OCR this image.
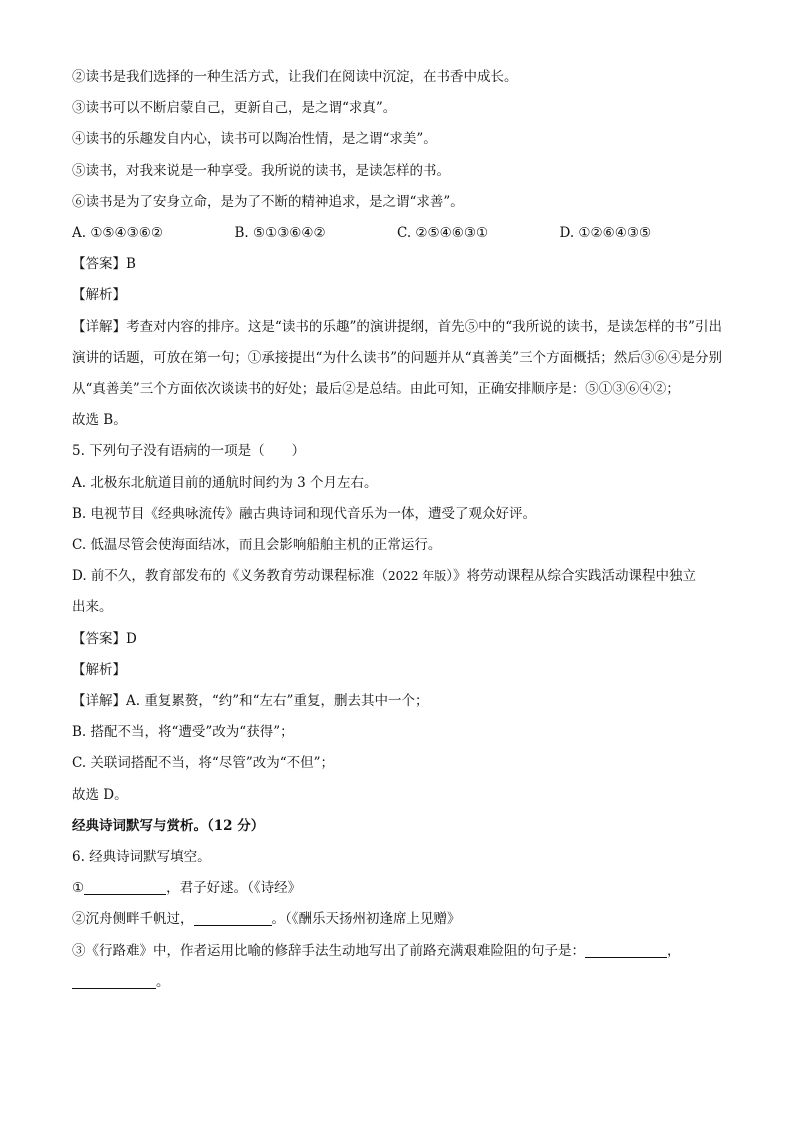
②读书是我们选择的一种生活方式，让我们在阅读中沉淀，在书香中成长。

③读书可以不断启蒙自己，更新自己，是之谓“求真”。

④读书的乐趣发自内心，读书可以陶冶性情，是之谓“求美”。

⑤读书，对我来说是一种享受。我所说的读书，是读怎样的书。

⑥读书是为了安身立命，是为了不断的精神追求，是之谓“求善”。

A. ①⑤④③⑥②	B. ⑤①③⑥④②	C. ②⑤④⑥③①	D. ①②⑥④③⑤

【答案】B

【解析】

【详解】考查对内容的排序。这是“读书的乐趣”的演讲提纲，首先⑤中的“我所说的读书，是读怎样的书”引出演讲的话题，可放在第一句；①承接提出“为什么读书”的问题并从“真善美”三个方面概括；然后③⑥④是分别从“真善美”三个方面依次谈读书的好处；最后②是总结。由此可知，正确安排顺序是：⑤①③⑥④②；

故选 B。

5. 下列句子没有语病的一项是（　　）

A. 北极东北航道目前的通航时间约为 3 个月左右。

B. 电视节目《经典咏流传》融古典诗词和现代音乐为一体，遭受了观众好评。

C. 低温尽管会使海面结冰，而且会影响船舶主机的正常运行。

D. 前不久，教育部发布的《义务教育劳动课程标准（2022 年版）》将劳动课程从综合实践活动课程中独立

出来。

【答案】D

【解析】

【详解】A. 重复累赘，“约”和“左右”重复，删去其中一个；

B. 搭配不当，将“遭受”改为“获得”；

C. 关联词搭配不当，将“尽管”改为“不但”；

故选 D。

经典诗词默写与赏析。（12 分）

6. 经典诗词默写填空。

①	，君子好逑。（《诗经》

②沉舟侧畔千帆过，	。（《酬乐天扬州初逢席上见赠》

③《行路难》中，作者运用比喻的修辞手法生动地写出了前路充满艰难险阻的句子是：	，

。
